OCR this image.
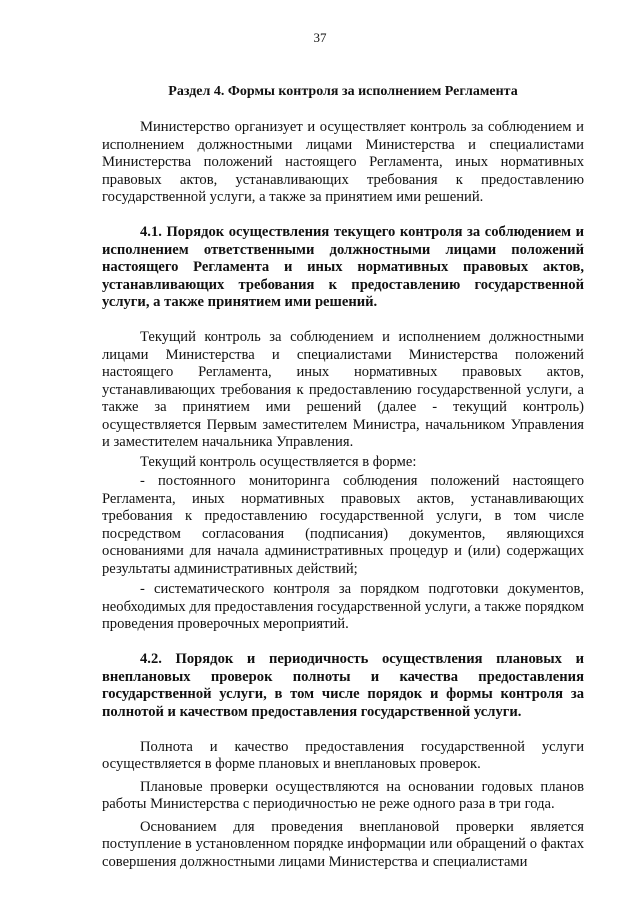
37
Раздел 4. Формы контроля за исполнением Регламента

Министерство организует и осуществляет контроль за соблюдением и исполнением должностными лицами Министерства и специалистами Министерства положений настоящего Регламента, иных нормативных правовых актов, устанавливающих требования к предоставлению государственной услуги, а также за принятием ими решений.

4.1. Порядок осуществления текущего контроля за соблюдением и исполнением ответственными должностными лицами положений настоящего Регламента и иных нормативных правовых актов, устанавливающих требования к предоставлению государственной услуги, а также принятием ими решений.

Текущий контроль за соблюдением и исполнением должностными лицами Министерства и специалистами Министерства положений настоящего Регламента, иных нормативных правовых актов, устанавливающих требования к предоставлению государственной услуги, а также за принятием ими решений (далее - текущий контроль) осуществляется Первым заместителем Министра, начальником Управления и заместителем начальника Управления.

Текущий контроль осуществляется в форме:

- постоянного мониторинга соблюдения положений настоящего Регламента, иных нормативных правовых актов, устанавливающих требования к предоставлению государственной услуги, в том числе посредством согласования (подписания) документов, являющихся основаниями для начала административных процедур и (или) содержащих результаты административных действий;

- систематического контроля за порядком подготовки документов, необходимых для предоставления государственной услуги, а также порядком проведения проверочных мероприятий.

4.2. Порядок и периодичность осуществления плановых и внеплановых проверок полноты и качества предоставления государственной услуги, в том числе порядок и формы контроля за полнотой и качеством предоставления государственной услуги.

Полнота и качество предоставления государственной услуги осуществляется в форме плановых и внеплановых проверок.

Плановые проверки осуществляются на основании годовых планов работы Министерства с периодичностью не реже одного раза в три года.

Основанием для проведения внеплановой проверки является поступление в установленном порядке информации или обращений о фактах совершения должностными лицами Министерства и специалистами
